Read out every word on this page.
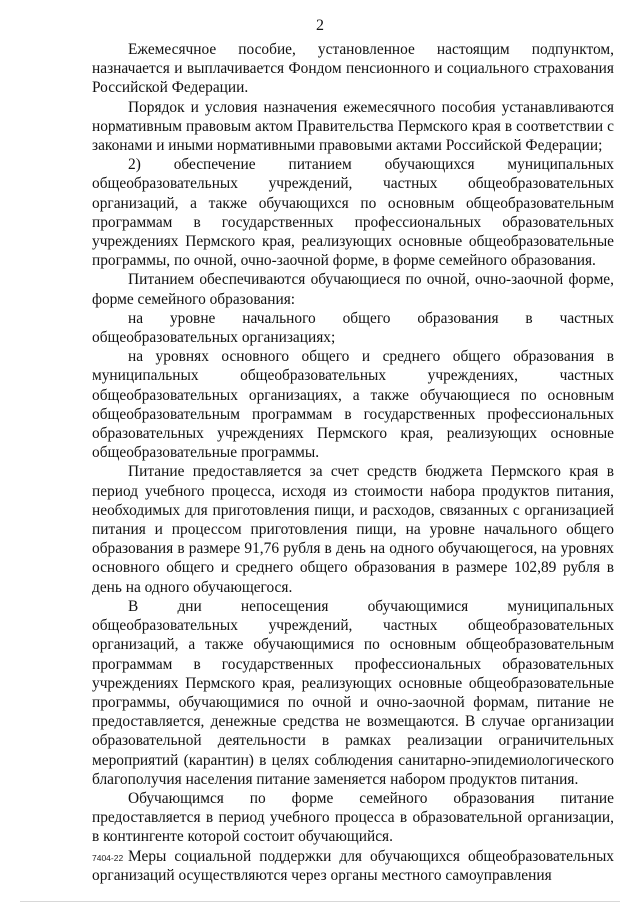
2

Ежемесячное пособие, установленное настоящим подпунктом, назначается и выплачивается Фондом пенсионного и социального страхования Российской Федерации.

Порядок и условия назначения ежемесячного пособия устанавливаются нормативным правовым актом Правительства Пермского края в соответствии с законами и иными нормативными правовыми актами Российской Федерации;

2) обеспечение питанием обучающихся муниципальных общеобразовательных учреждений, частных общеобразовательных организаций, а также обучающихся по основным общеобразовательным программам в государственных профессиональных образовательных учреждениях Пермского края, реализующих основные общеобразовательные программы, по очной, очно-заочной форме, в форме семейного образования.

Питанием обеспечиваются обучающиеся по очной, очно-заочной форме, форме семейного образования:

на уровне начального общего образования в частных общеобразовательных организациях;

на уровнях основного общего и среднего общего образования в муниципальных общеобразовательных учреждениях, частных общеобразовательных организациях, а также обучающиеся по основным общеобразовательным программам в государственных профессиональных образовательных учреждениях Пермского края, реализующих основные общеобразовательные программы.

Питание предоставляется за счет средств бюджета Пермского края в период учебного процесса, исходя из стоимости набора продуктов питания, необходимых для приготовления пищи, и расходов, связанных с организацией питания и процессом приготовления пищи, на уровне начального общего образования в размере 91,76 рубля в день на одного обучающегося, на уровнях основного общего и среднего общего образования в размере 102,89 рубля в день на одного обучающегося.

В дни непосещения обучающимися муниципальных общеобразовательных учреждений, частных общеобразовательных организаций, а также обучающимися по основным общеобразовательным программам в государственных профессиональных образовательных учреждениях Пермского края, реализующих основные общеобразовательные программы, обучающимися по очной и очно-заочной формам, питание не предоставляется, денежные средства не возмещаются. В случае организации образовательной деятельности в рамках реализации ограничительных мероприятий (карантин) в целях соблюдения санитарно-эпидемиологического благополучия населения питание заменяется набором продуктов питания.

Обучающимся по форме семейного образования питание предоставляется в период учебного процесса в образовательной организации, в контингенте которой состоит обучающийся.

Меры социальной поддержки для обучающихся общеобразовательных организаций осуществляются через органы местного самоуправления

7404-22
